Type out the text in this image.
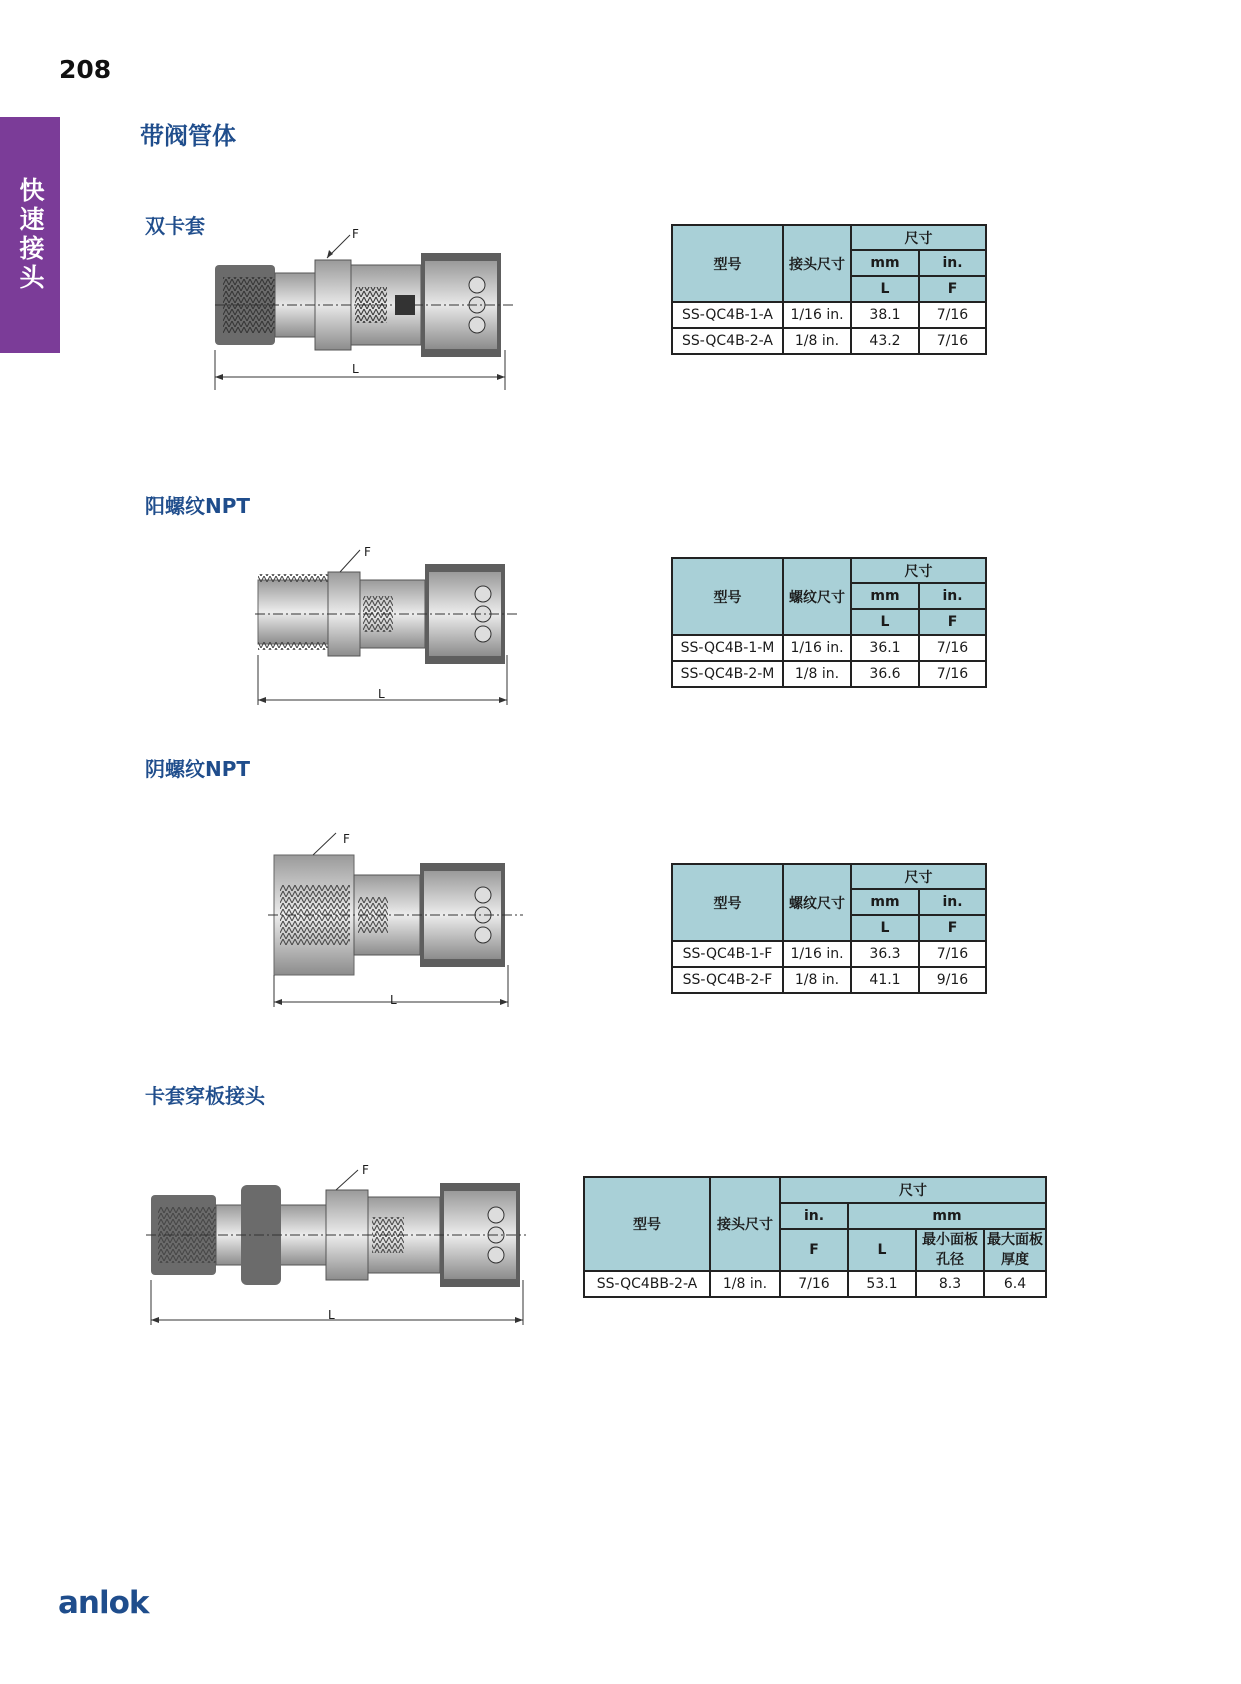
208
快速接头
带阀管体
双卡套	F
L
型号	接头尺寸	尺寸	
		mm	in.
		L	F
SS-QC4B-1-A	1/16 in.	38.1	7/16
SS-QC4B-2-A	1/8 in.	43.2	7/16
阳螺纹NPT
F
L
型号	螺纹尺寸	尺寸	
		mm	in.
		L	F
SS-QC4B-1-M	1/16 in.	36.1	7/16
SS-QC4B-2-M	1/8 in.	36.6	7/16
阴螺纹NPT
F
L
型号	螺纹尺寸	尺寸	
		mm	in.
		L	F
SS-QC4B-1-F	1/16 in.	36.3	7/16
SS-QC4B-2-F	1/8 in.	41.1	9/16
卡套穿板接头
F
L
型号	接头尺寸	尺寸			
		in.	mm		
		F	L	最小面板孔径	最大面板厚度
SS-QC4BB-2-A	1/8 in.	7/16	53.1	8.3	6.4
anlok
